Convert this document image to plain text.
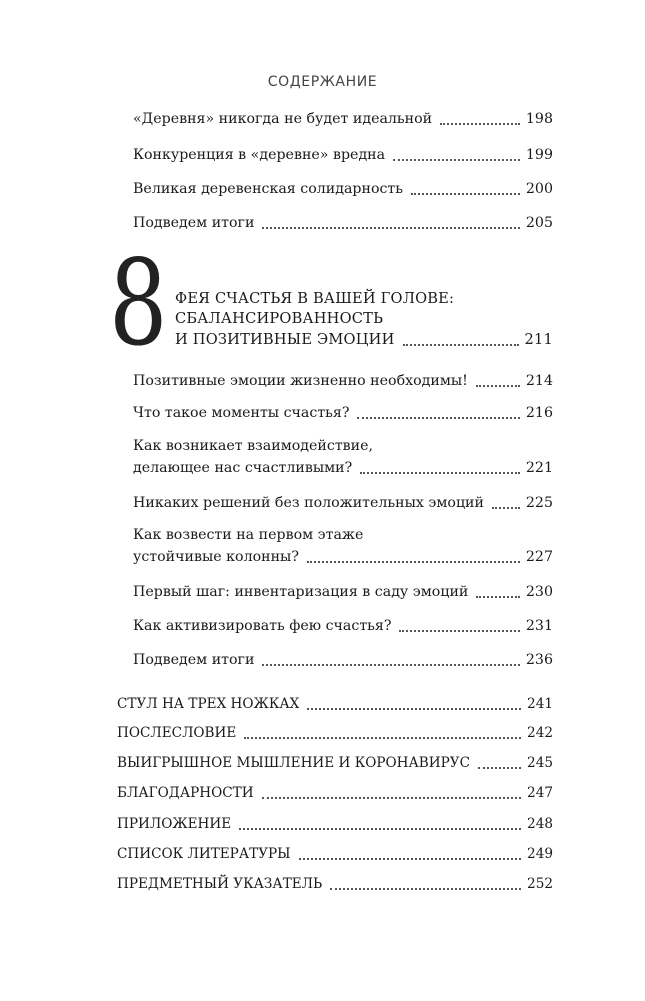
СОДЕРЖАНИЕ
«Деревня» никогда не будет идеальной	198
Конкуренция в «деревне» вредна	199
Великая деревенская солидарность	200
Подведем итоги	205
8 ФЕЯ СЧАСТЬЯ В ВАШЕЙ ГОЛОВЕ:
СБАЛАНСИРОВАННОСТЬ
И ПОЗИТИВНЫЕ ЭМОЦИИ	211
Позитивные эмоции жизненно необходимы!	214
Что такое моменты счастья?	216
Как возникает взаимодействие,
делающее нас счастливыми?	221
Никаких решений без положительных эмоций	225
Как возвести на первом этаже
устойчивые колонны?	227
Первый шаг: инвентаризация в саду эмоций	230
Как активизировать фею счастья?	231
Подведем итоги	236
СТУЛ НА ТРЕХ НОЖКАХ	241
ПОСЛЕСЛОВИЕ	242
ВЫИГРЫШНОЕ МЫШЛЕНИЕ И КОРОНАВИРУС	245
БЛАГОДАРНОСТИ	247
ПРИЛОЖЕНИЕ	248
СПИСОК ЛИТЕРАТУРЫ	249
ПРЕДМЕТНЫЙ УКАЗАТЕЛЬ	252
